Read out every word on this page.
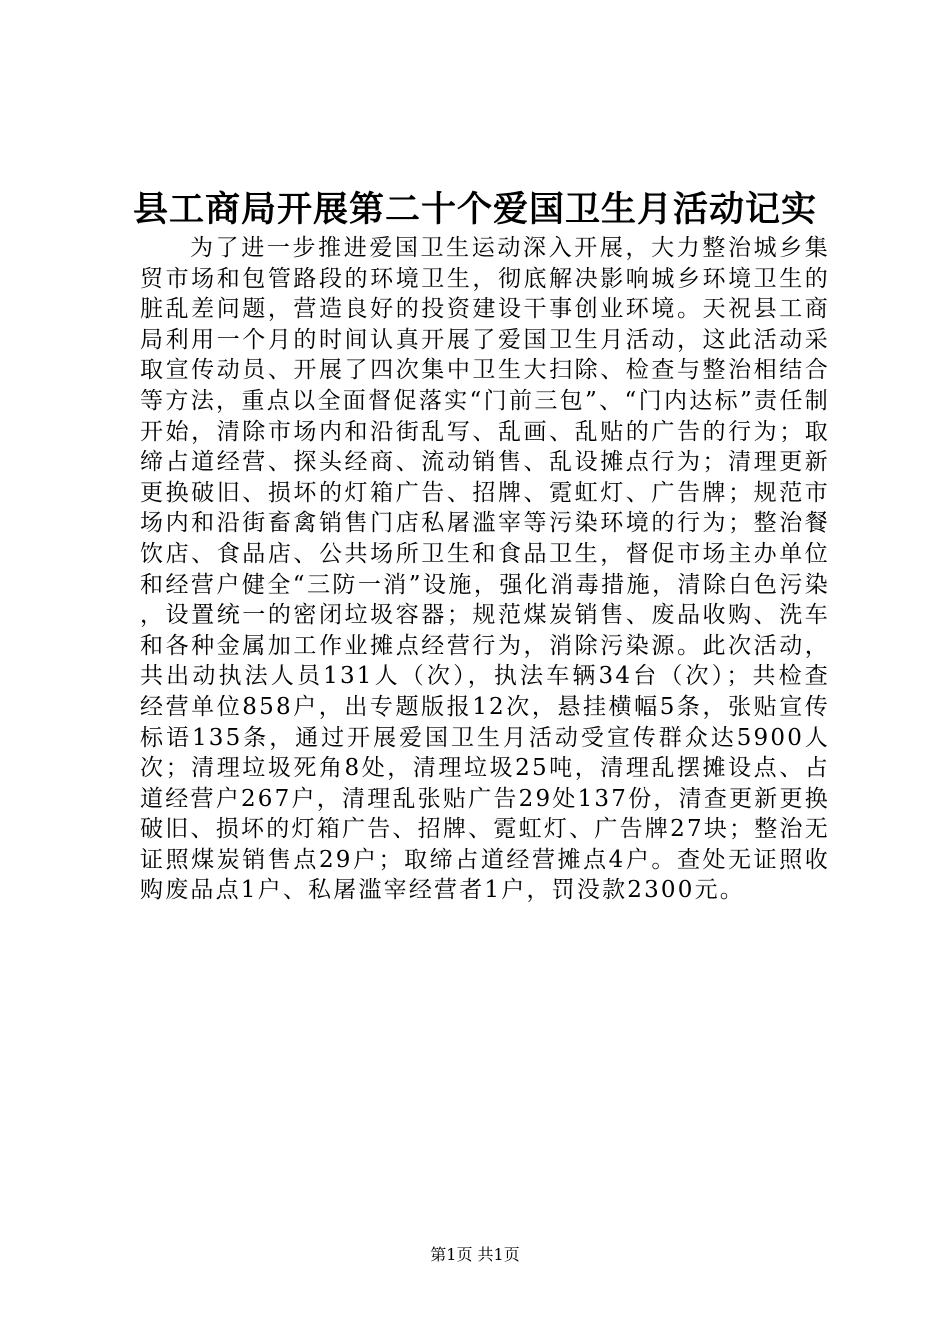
县工商局开展第二十个爱国卫生月活动记实

为了进一步推进爱国卫生运动深入开展，大力整治城乡集贸市场和包管路段的环境卫生，彻底解决影响城乡环境卫生的脏乱差问题，营造良好的投资建设干事创业环境。天祝县工商局利用一个月的时间认真开展了爱国卫生月活动，这此活动采取宣传动员、开展了四次集中卫生大扫除、检查与整治相结合等方法，重点以全面督促落实“门前三包”、“门内达标”责任制开始，清除市场内和沿街乱写、乱画、乱贴的广告的行为；取缔占道经营、探头经商、流动销售、乱设摊点行为；清理更新更换破旧、损坏的灯箱广告、招牌、霓虹灯、广告牌；规范市场内和沿街畜禽销售门店私屠滥宰等污染环境的行为；整治餐饮店、食品店、公共场所卫生和食品卫生，督促市场主办单位和经营户健全“三防一消”设施，强化消毒措施，清除白色污染，设置统一的密闭垃圾容器；规范煤炭销售、废品收购、洗车和各种金属加工作业摊点经营行为，消除污染源。此次活动，共出动执法人员131人（次），执法车辆34台（次）；共检查经营单位858户，出专题版报12次，悬挂横幅5条，张贴宣传标语135条，通过开展爱国卫生月活动受宣传群众达5900人次；清理垃圾死角8处，清理垃圾25吨，清理乱摆摊设点、占道经营户267户，清理乱张贴广告29处137份，清查更新更换破旧、损坏的灯箱广告、招牌、霓虹灯、广告牌27块；整治无证照煤炭销售点29户；取缔占道经营摊点4户。查处无证照收购废品点1户、私屠滥宰经营者1户，罚没款2300元。

第1页 共1页
